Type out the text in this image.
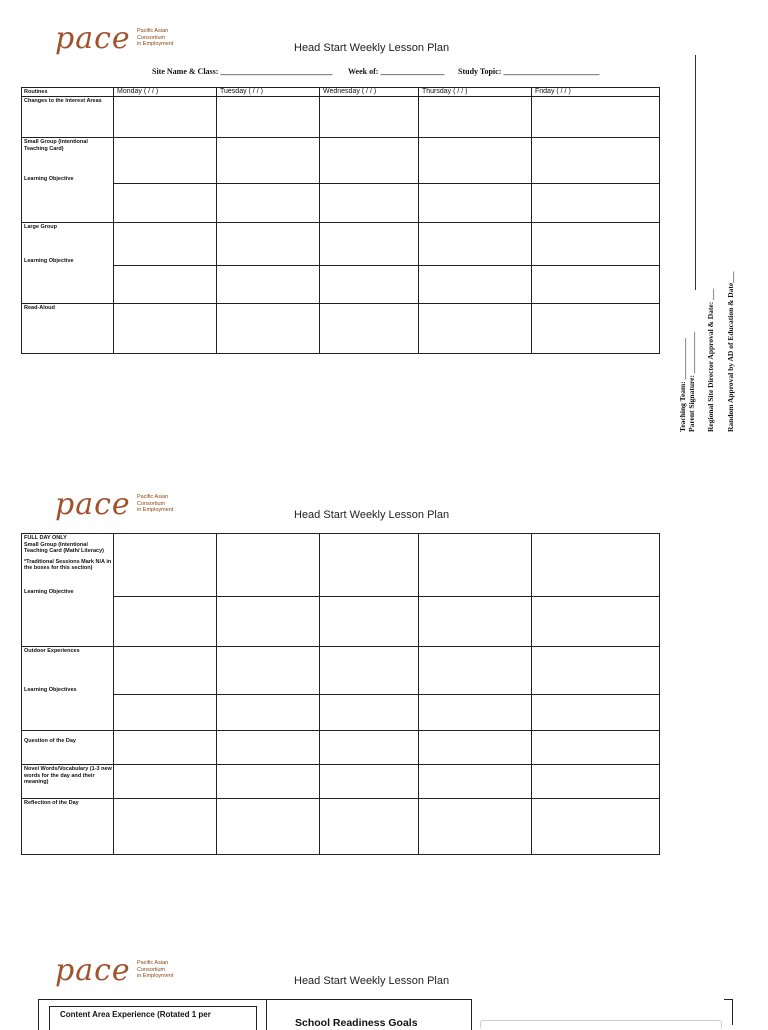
pace Pacific Asian
Consortium
in Employment	Head Start Weekly Lesson Plan
Site Name & Class: ____________________________ Week of: ________________ Study Topic: ________________________
Routines	Monday ( / / )	Tuesday ( / / )	Wednesday ( / / )	Thursday ( / / )	Friday ( / / )

Changes to the Interest Areas					

Small Group (Intentional Teaching Card)					

Learning Objective					

Large Group					

Learning Objective					

Read-Aloud					

Teaching Team: ___________ Parent Signature: ___________ Regional Site Director Approval & Date: ___ Random Approval by AD of Education & Date___
pace Pacific Asian
Consortium
in Employment	Head Start Weekly Lesson Plan
FULL DAY ONLY
Small Group (Intentional Teaching Card (Math/ Literacy)
*Traditional Sessions Mark N/A in the boxes for this section)					

Learning Objective					

Outdoor Experiences					

Learning Objectives					

Question of the Day					

Novel Words/Vocabulary (1-3 new words for the day and their meaning)					

Reflection of the Day					

pace Pacific Asian
Consortium
in Employment	Head Start Weekly Lesson Plan
Content Area Experience (Rotated 1 per
School Readiness Goals
